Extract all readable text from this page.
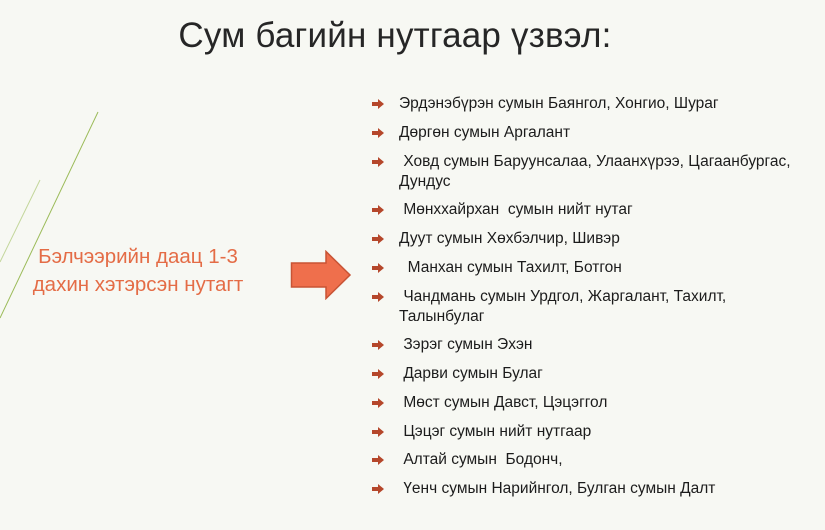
Сум багийн нутгаар үзвэл:
Бэлчээрийн даац 1-3
дахин хэтэрсэн нутагт
Эрдэнэбүрэн сумын Баянгол, Хонгио, Шураг
Дөргөн сумын Аргалант
Ховд сумын Баруунсалаа, Улаанхүрээ, Цагаанбургас, Дундус
Мөнххайрхан  сумын нийт нутаг
Дуут сумын Хөхбэлчир, Шивэр
Манхан сумын Тахилт, Ботгон
Чандмань сумын Урдгол, Жаргалант, Тахилт, Талынбулаг
Зэрэг сумын Эхэн
Дарви сумын Булаг
Мөст сумын Давст, Цэцэггол
Цэцэг сумын нийт нутгаар
Алтай сумын  Бодонч,
Үенч сумын Нарийнгол, Булган сумын Далт
